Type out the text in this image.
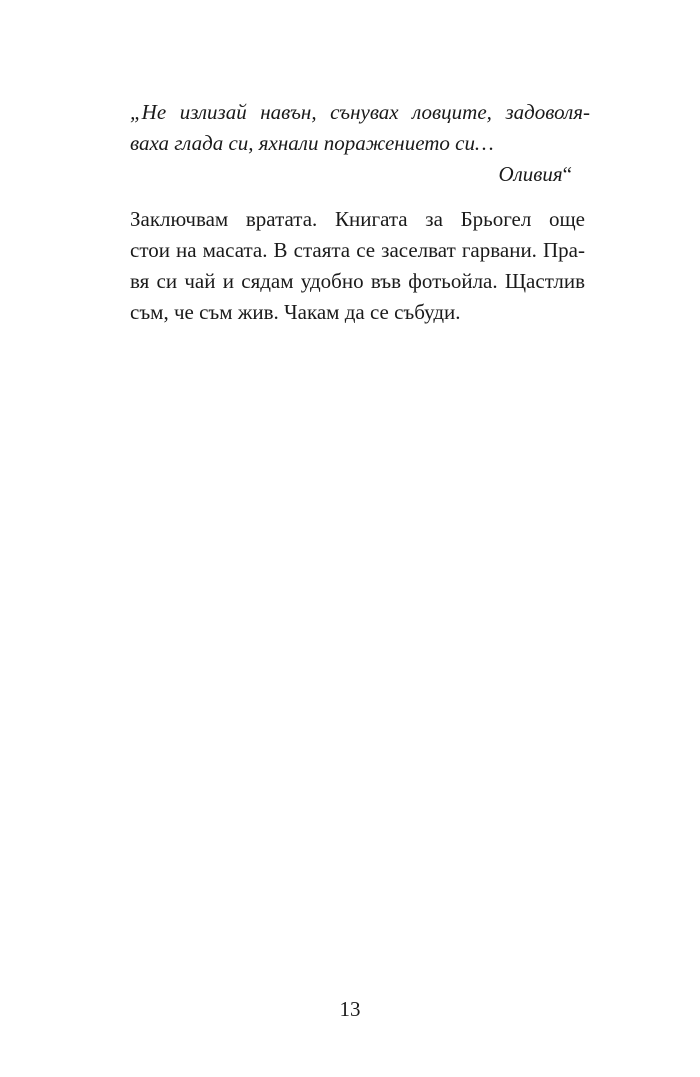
„Не излизай навън, сънувах ловците, задоволя-
ваха глада си, яхнали поражението си…
Оливия“
Заключвам вратата. Книгата за Брьогел още
стои на масата. В стаята се заселват гарвани. Пра-
вя си чай и сядам удобно във фотьойла. Щастлив
съм, че съм жив. Чакам да се събуди.
13
